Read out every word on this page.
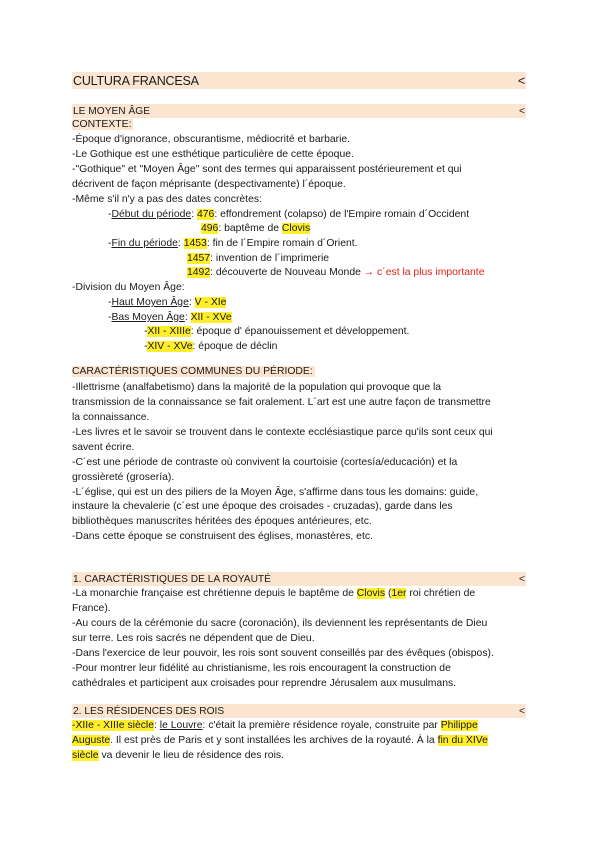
CULTURA FRANCESA	<
LE MOYEN ÂGE	<
CONTEXTE:
-Époque d'ignorance, obscurantisme, médiocrité et barbarie.
-Le Gothique est une esthétique particulière de cette époque.
-"Gothique" et "Moyen Âge" sont des termes qui apparaissent postérieurement et qui
décrivent de façon méprisante (despectivamente) l´époque.
-Même s'il n'y a pas des dates concrètes:
-Début du période: 476: effondrement (colapso) de l'Empire romain d´Occident
496: baptême de Clovis
-Fin du période: 1453: fin de l´Empire romain d´Orient.
1457: invention de l´imprimerie
1492: découverte de Nouveau Monde → c´est la plus importante
-Division du Moyen Âge:
-Haut Moyen Âge: V - XIe
-Bas Moyen Âge: XII - XVe
-XII - XIIIe: époque d' épanouissement et développement.
-XIV - XVe: époque de déclin
CARACTÉRISTIQUES COMMUNES DU PÉRIODE:
-Illettrisme (analfabetismo) dans la majorité de la population qui provoque que la
transmission de la connaissance se fait oralement. L´art est une autre façon de transmettre
la connaissance.
-Les livres et le savoir se trouvent dans le contexte ecclésiastique parce qu'ils sont ceux qui
savent écrire.
-C´est une période de contraste où convivent la courtoisie (cortesía/educación) et la
grossièreté (grosería).
-L´église, qui est un des piliers de la Moyen Âge, s'affirme dans tous les domains: guide,
instaure la chevalerie (c´est une époque des croisades - cruzadas), garde dans les
bibliothèques manuscrites héritées des époques antérieures, etc.
-Dans cette époque se construisent des églises, monastères, etc.
1. CARACTÉRISTIQUES DE LA ROYAUTÉ	<
-La monarchie française est chrétienne depuis le baptême de Clovis (1er roi chrétien de
France).
-Au cours de la cérémonie du sacre (coronación), ils deviennent les représentants de Dieu
sur terre. Les rois sacrés ne dépendent que de Dieu.
-Dans l'exercice de leur pouvoir, les rois sont souvent conseillés par des évêques (obispos).
-Pour montrer leur fidélité au christianisme, les rois encouragent la construction de
cathédrales et participent aux croisades pour reprendre Jérusalem aux musulmans.
2. LES RÉSIDENCES DES ROIS	<
-XIIe - XIIIe siècle: le Louvre: c'était la première résidence royale, construite par Philippe
Auguste. Il est près de Paris et y sont installées les archives de la royauté. À la fin du XIVe
siècle va devenir le lieu de résidence des rois.
